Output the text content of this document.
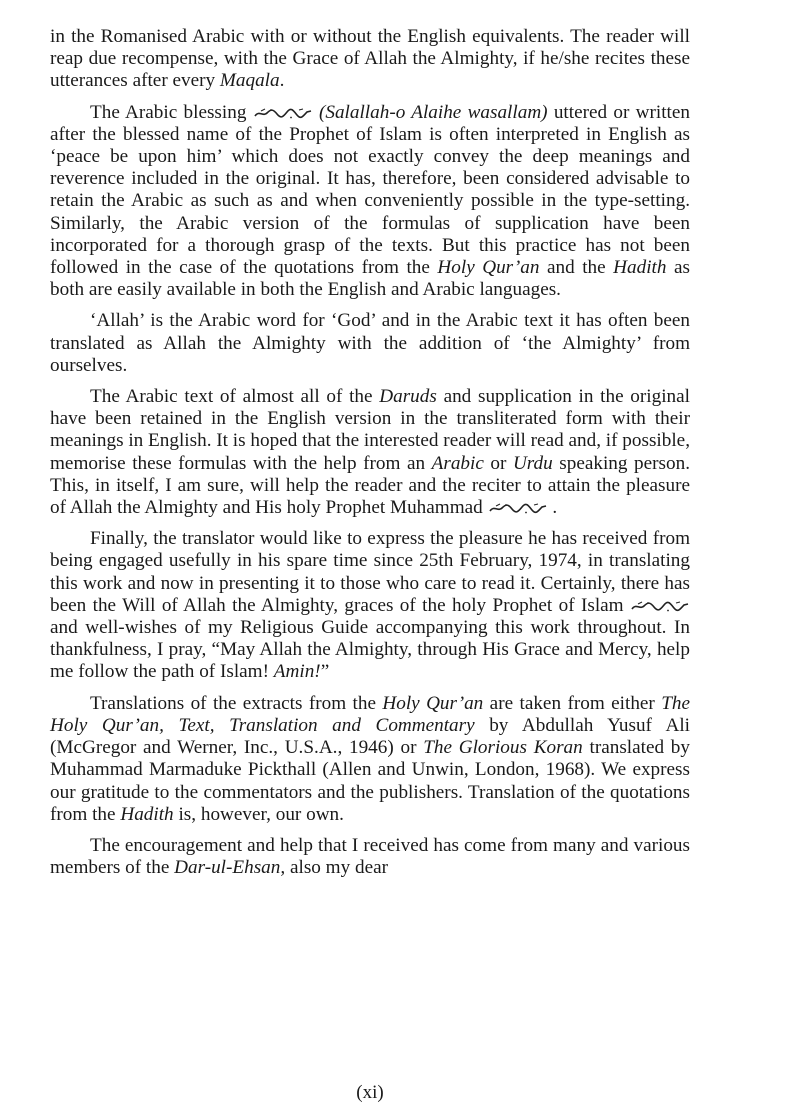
in the Romanised Arabic with or without the English equivalents. The reader will reap due recompense, with the Grace of Allah the Almighty, if he/she recites these utterances after every Maqala.

The Arabic blessing	(Salallah-o Alaihe wasallam) uttered or written after the blessed name of the Prophet of Islam is often interpreted in English as ‘peace be upon him’ which does not exactly convey the deep meanings and reverence included in the original. It has, therefore, been considered advisable to retain the Arabic as such as and when conveniently possible in the type-setting. Similarly, the Arabic version of the formulas of supplication have been incorporated for a thorough grasp of the texts. But this practice has not been followed in the case of the quotations from the Holy Qur’an and the Hadith as both are easily available in both the English and Arabic languages.

‘Allah’ is the Arabic word for ‘God’ and in the Arabic text it has often been translated as Allah the Almighty with the addition of ‘the Almighty’ from ourselves.

The Arabic text of almost all of the Daruds and supplication in the original have been retained in the English version in the transliterated form with their meanings in English. It is hoped that the interested reader will read and, if possible, memorise these formulas with the help from an Arabic or Urdu speaking person. This, in itself, I am sure, will help the reader and the reciter to attain the pleasure of Allah the Almighty and His holy Prophet Muhammad	.

Finally, the translator would like to express the pleasure he has received from being engaged usefully in his spare time since 25th February, 1974, in translating this work and now in presenting it to those who care to read it. Certainly, there has been the Will of Allah the Almighty, graces of the holy Prophet of Islam
and well-wishes of my Religious Guide accompanying this work throughout. In thankfulness, I pray, “May Allah the Almighty, through His Grace and Mercy, help me follow the path of Islam! Amin!”

Translations of the extracts from the Holy Qur’an are taken from either The Holy Qur’an, Text, Translation and Commentary by Abdullah Yusuf Ali (McGregor and Werner, Inc., U.S.A., 1946) or The Glorious Koran translated by Muhammad Marmaduke Pickthall (Allen and Unwin, London, 1968). We express our gratitude to the commentators and the publishers. Translation of the quotations from the Hadith is, however, our own.

The encouragement and help that I received has come from many and various members of the Dar-ul-Ehsan, also my dear

(xi)
